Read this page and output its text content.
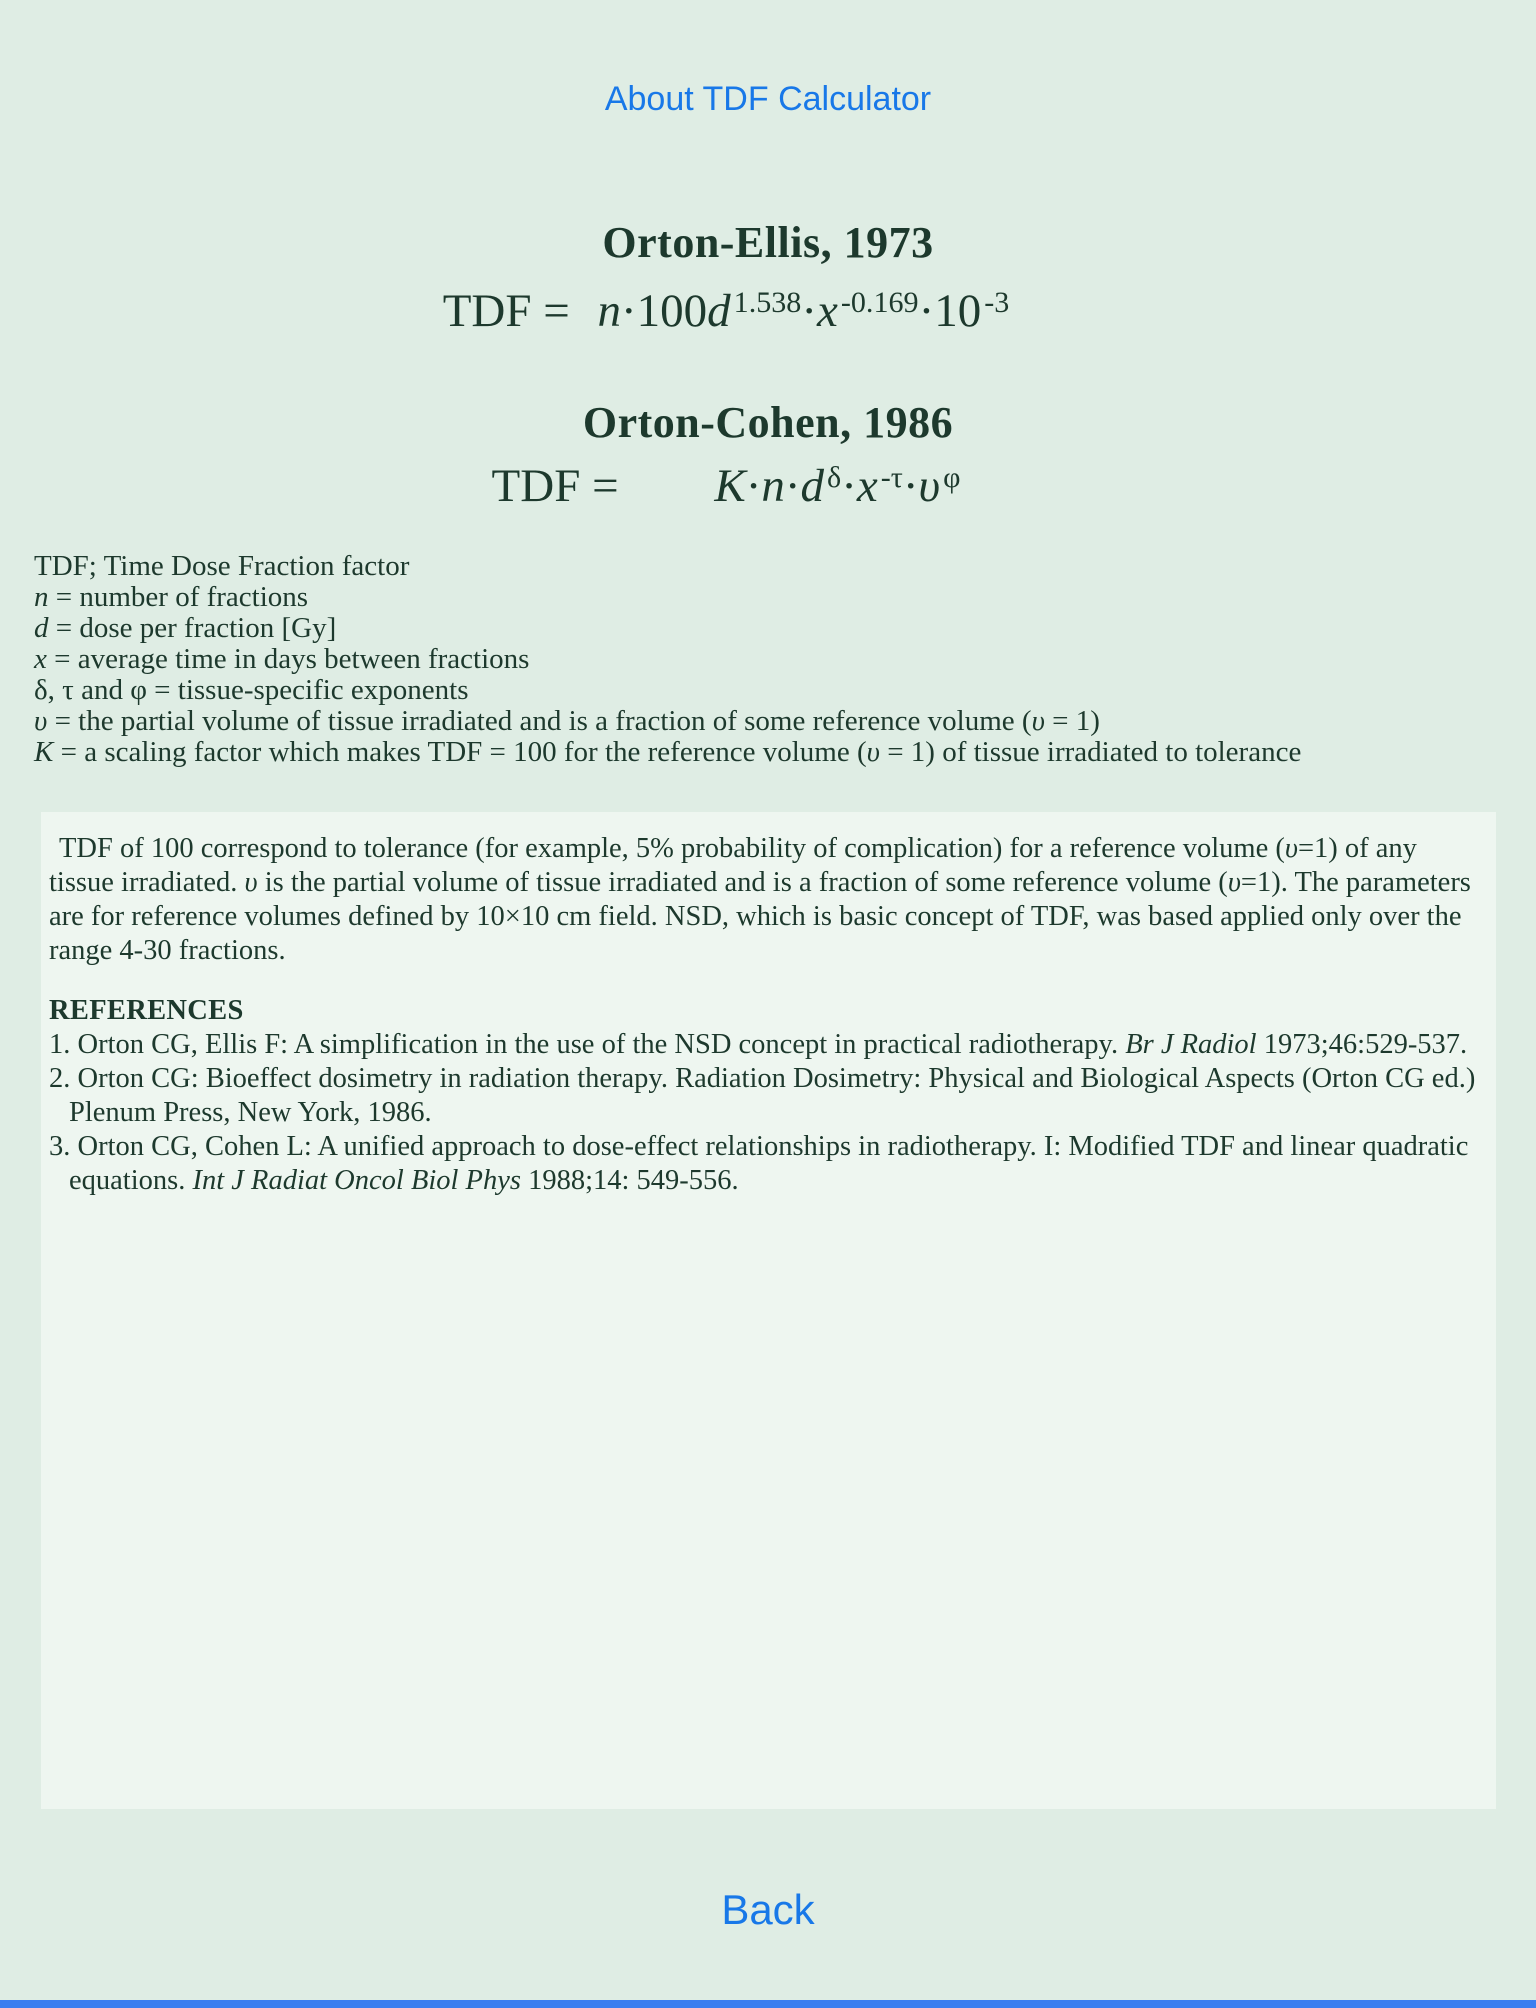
About TDF Calculator
Orton-Ellis, 1973
TDF = $n\cdot 100d^{1.538}\cdot x^{-0.169}\cdot 10^{-3}$
Orton-Cohen, 1986
TDF = $K\cdot n\cdot d^\delta\cdot x^{-\tau}\cdot\upsilon^\varphi$
TDF; Time Dose Fraction factor
n = number of fractions
d = dose per fraction [Gy]
x = average time in days between fractions
δ, τ and φ = tissue-specific exponents
υ = the partial volume of tissue irradiated and is a fraction of some reference volume (υ = 1)
K = a scaling factor which makes TDF = 100 for the reference volume (υ = 1) of tissue irradiated to tolerance
TDF of 100 correspond to tolerance (for example, 5% probability of complication) for a reference volume (υ=1) of any tissue irradiated. υ is the partial volume of tissue irradiated and is a fraction of some reference volume (υ=1). The parameters are for reference volumes defined by 10×10 cm field. NSD, which is basic concept of TDF, was based applied only over the range 4-30 fractions.
REFERENCES
1. Orton CG, Ellis F: A simplification in the use of the NSD concept in practical radiotherapy. Br J Radiol 1973;46:529-537.
2. Orton CG: Bioeffect dosimetry in radiation therapy. Radiation Dosimetry: Physical and Biological Aspects (Orton CG ed.)
Plenum Press, New York, 1986.
3. Orton CG, Cohen L: A unified approach to dose-effect relationships in radiotherapy. I: Modified TDF and linear quadratic
equations. Int J Radiat Oncol Biol Phys 1988;14: 549-556.
Back
